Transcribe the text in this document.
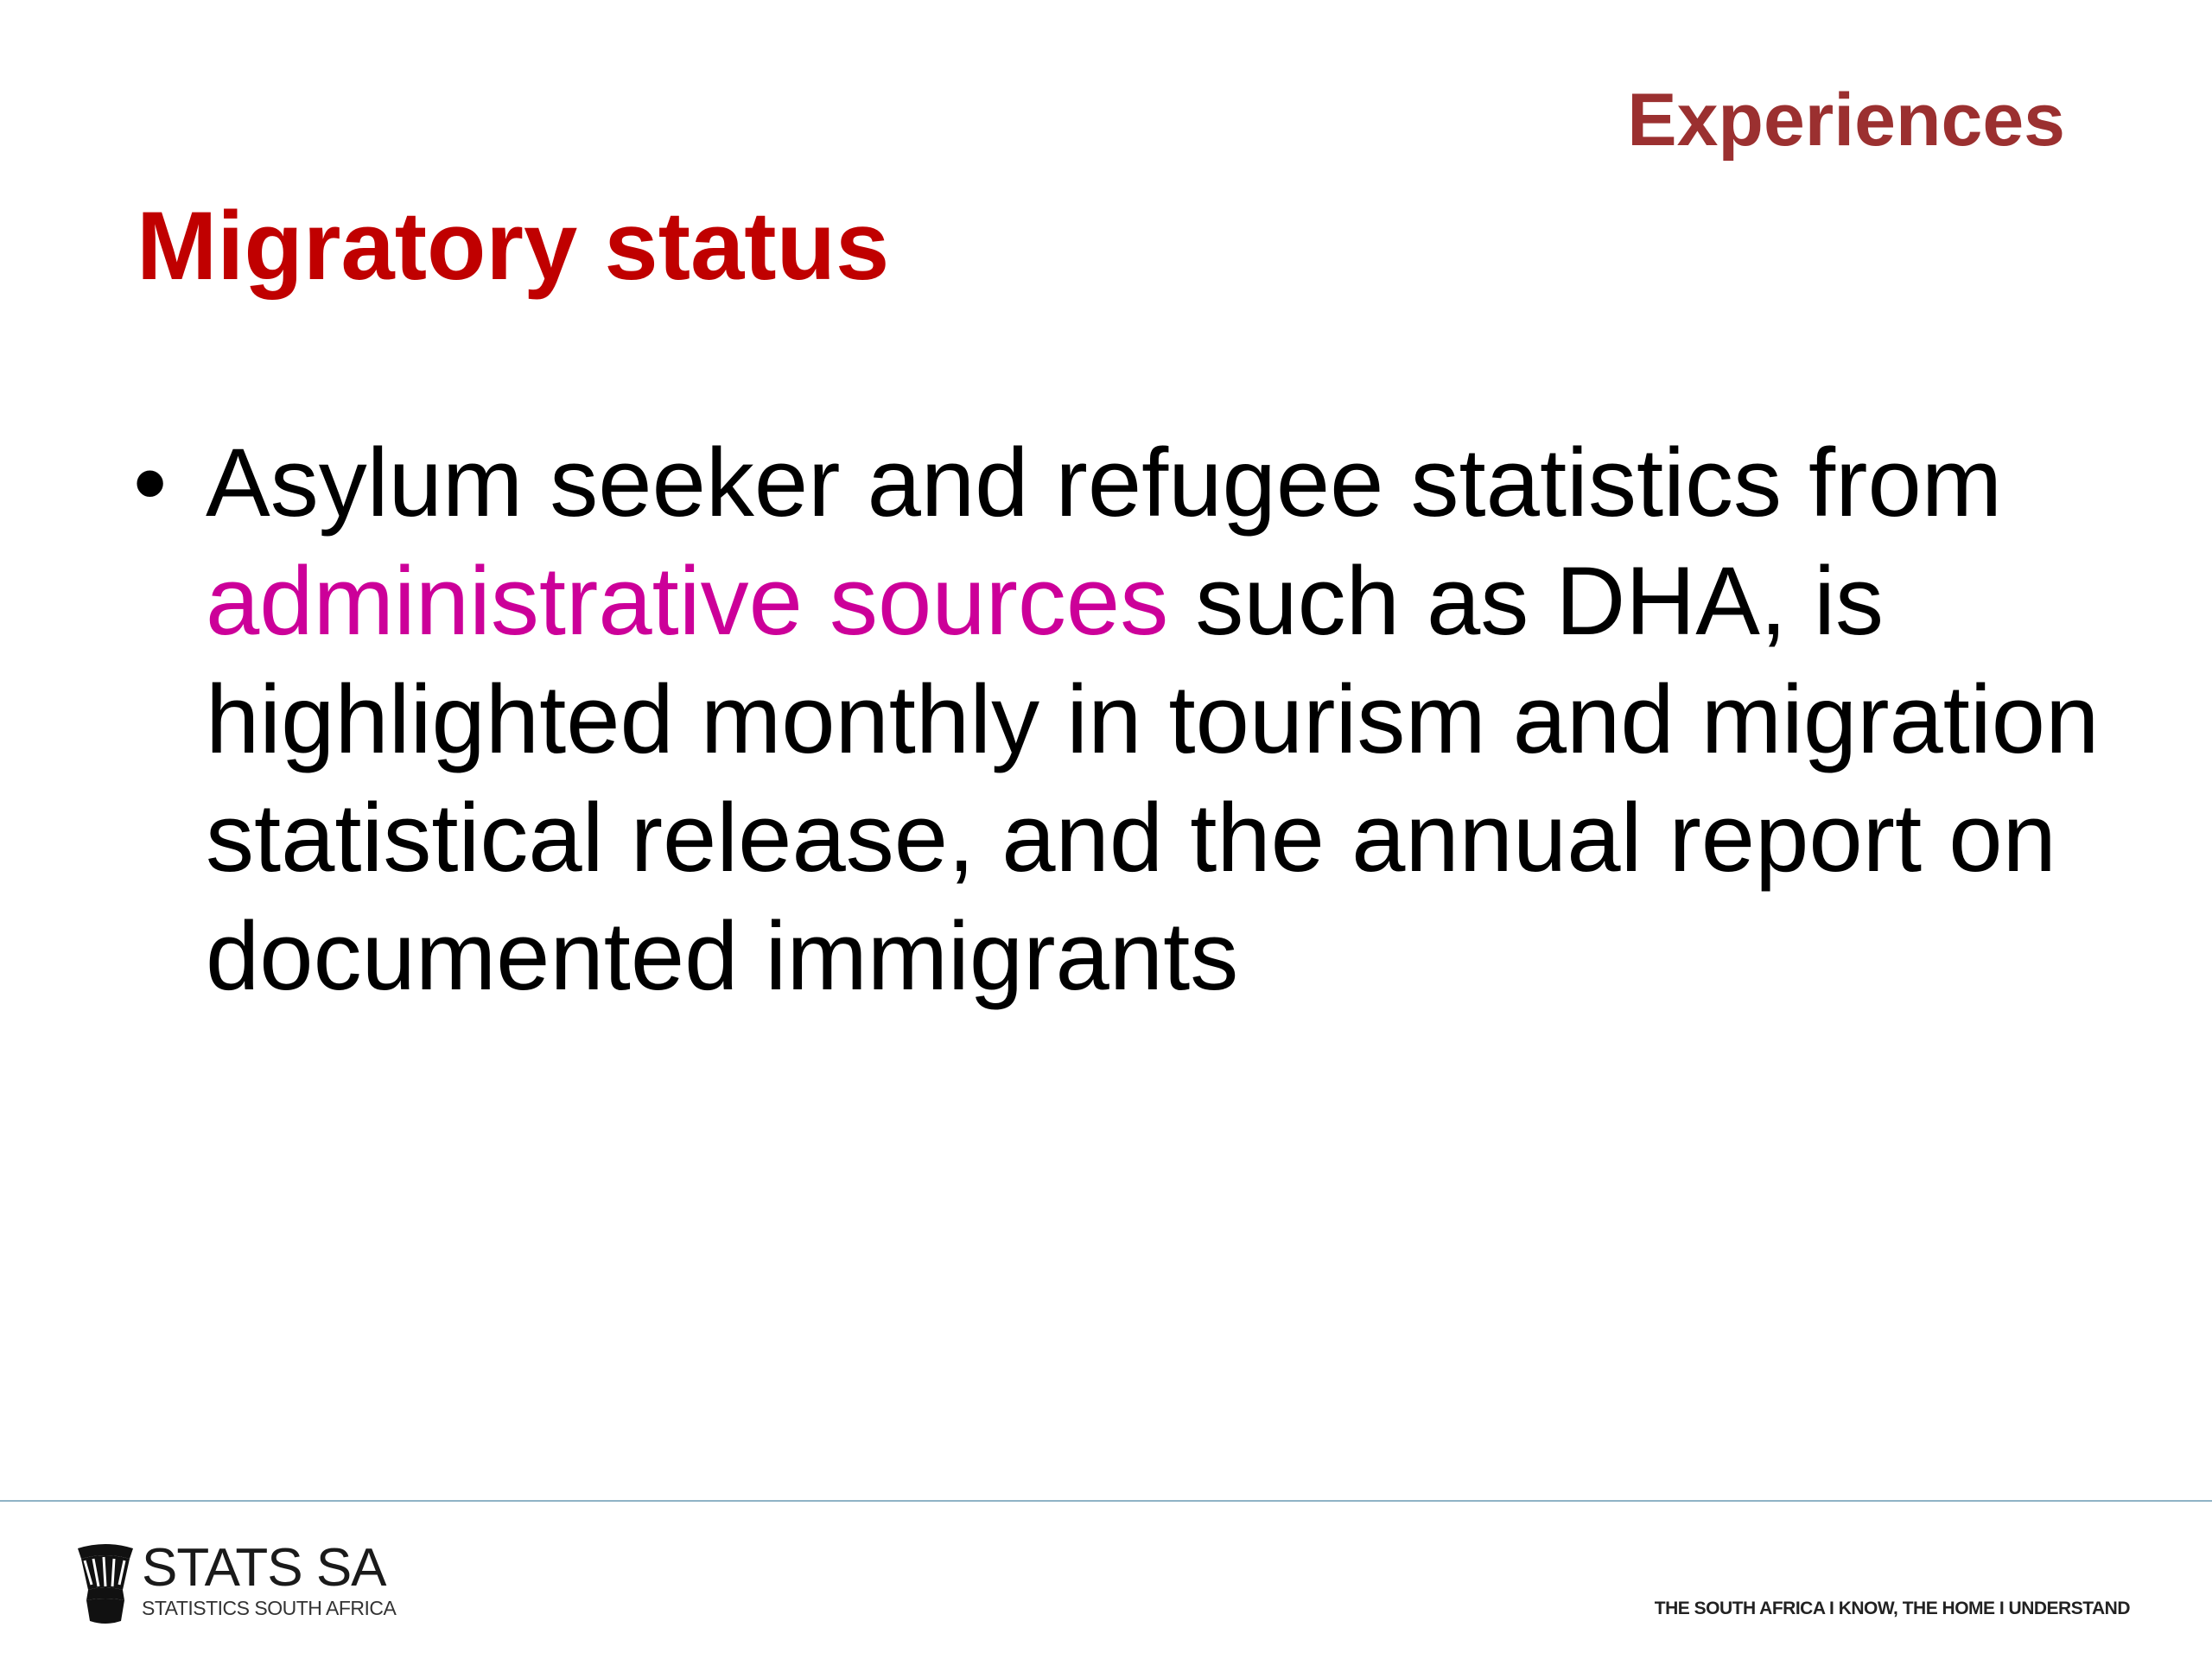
Experiences
Migratory status
• Asylum seeker and refugee statistics from administrative sources such as DHA, is highlighted monthly in tourism and migration statistical release, and the annual report on documented immigrants
STATS SA
STATISTICS SOUTH AFRICA	THE SOUTH AFRICA I KNOW, THE HOME I UNDERSTAND
